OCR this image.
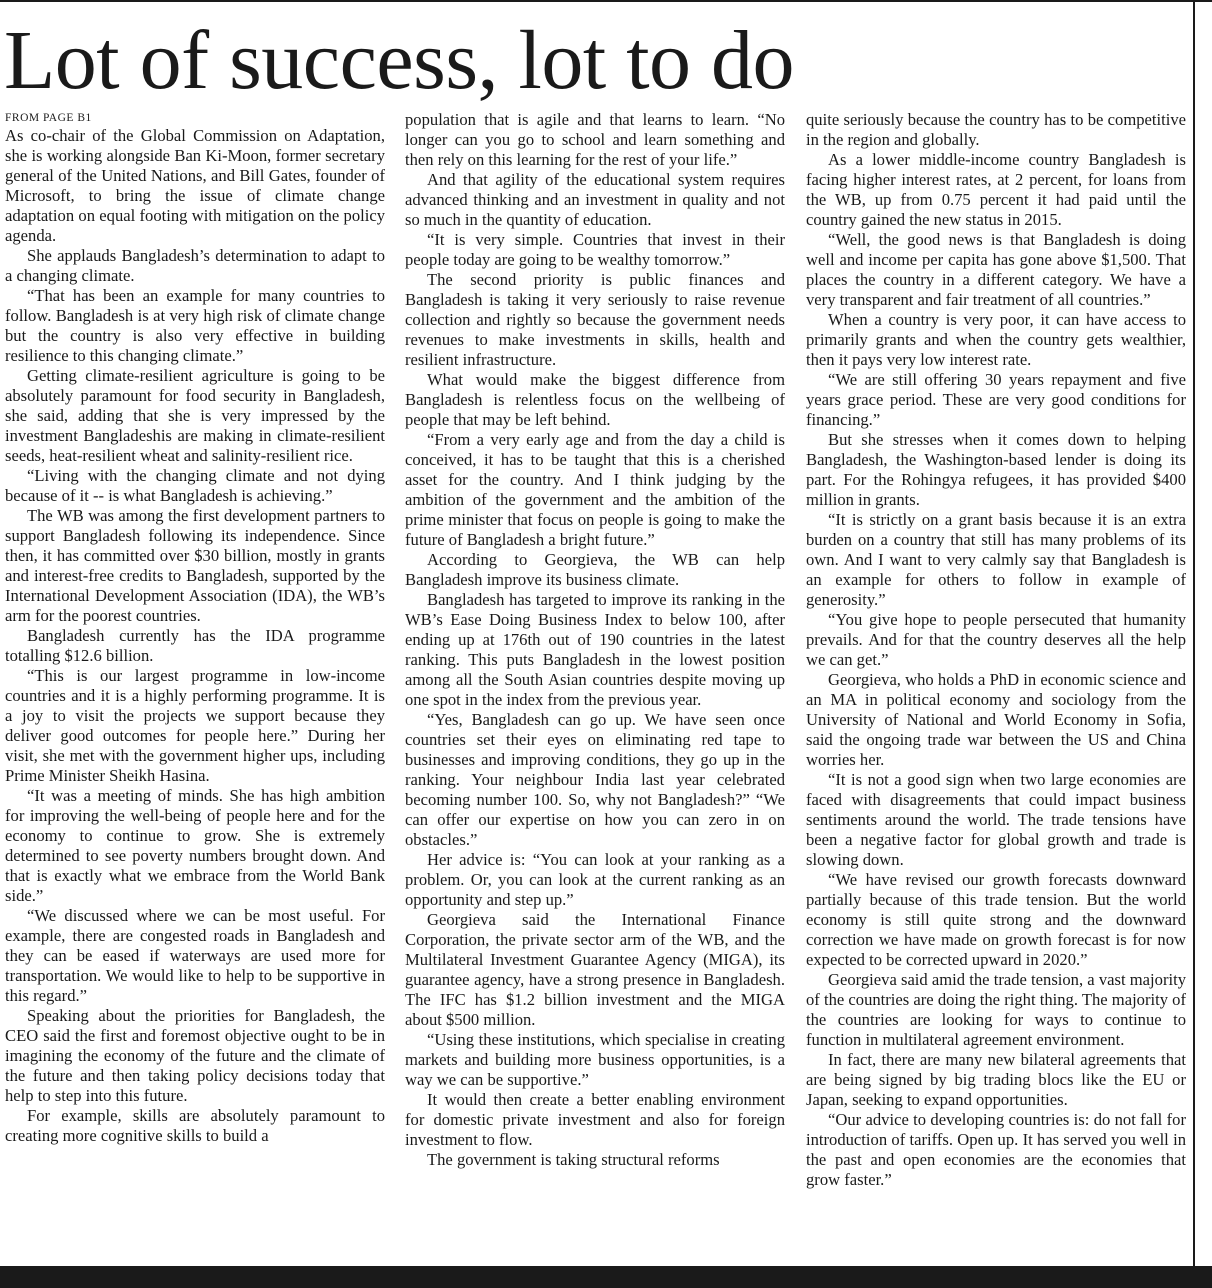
Lot of success, lot to do
FROM PAGE B1

As co-chair of the Global Commission on Adaptation, she is working alongside Ban Ki-Moon, former secretary general of the United Nations, and Bill Gates, founder of Microsoft, to bring the issue of climate change adaptation on equal footing with mitigation on the policy agenda.

She applauds Bangladesh’s determination to adapt to a changing climate.

“That has been an example for many countries to follow. Bangladesh is at very high risk of climate change but the country is also very effective in building resilience to this changing climate.”

Getting climate-resilient agriculture is going to be absolutely paramount for food security in Bangladesh, she said, adding that she is very impressed by the investment Bangladeshis are making in climate-resilient seeds, heat-resilient wheat and salinity-resilient rice.

“Living with the changing climate and not dying because of it -- is what Bangladesh is achieving.”

The WB was among the first development partners to support Bangladesh following its independence. Since then, it has committed over $30 billion, mostly in grants and interest-free credits to Bangladesh, supported by the International Development Association (IDA), the WB’s arm for the poorest countries.

Bangladesh currently has the IDA programme totalling $12.6 billion.

“This is our largest programme in low-income countries and it is a highly performing programme. It is a joy to visit the projects we support because they deliver good outcomes for people here.” During her visit, she met with the government higher ups, including Prime Minister Sheikh Hasina.

“It was a meeting of minds. She has high ambition for improving the well-being of people here and for the economy to continue to grow. She is extremely determined to see poverty numbers brought down. And that is exactly what we embrace from the World Bank side.”

“We discussed where we can be most useful. For example, there are congested roads in Bangladesh and they can be eased if waterways are used more for transportation. We would like to help to be supportive in this regard.”

Speaking about the priorities for Bangladesh, the CEO said the first and foremost objective ought to be in imagining the economy of the future and the climate of the future and then taking policy decisions today that help to step into this future.

For example, skills are absolutely paramount to creating more cognitive skills to build a

population that is agile and that learns to learn. “No longer can you go to school and learn something and then rely on this learning for the rest of your life.”

And that agility of the educational system requires advanced thinking and an investment in quality and not so much in the quantity of education.

“It is very simple. Countries that invest in their people today are going to be wealthy tomorrow.”

The second priority is public finances and Bangladesh is taking it very seriously to raise revenue collection and rightly so because the government needs revenues to make investments in skills, health and resilient infrastructure.

What would make the biggest difference from Bangladesh is relentless focus on the wellbeing of people that may be left behind.

“From a very early age and from the day a child is conceived, it has to be taught that this is a cherished asset for the country. And I think judging by the ambition of the government and the ambition of the prime minister that focus on people is going to make the future of Bangladesh a bright future.”

According to Georgieva, the WB can help Bangladesh improve its business climate.

Bangladesh has targeted to improve its ranking in the WB’s Ease Doing Business Index to below 100, after ending up at 176th out of 190 countries in the latest ranking. This puts Bangladesh in the lowest position among all the South Asian countries despite moving up one spot in the index from the previous year.

“Yes, Bangladesh can go up. We have seen once countries set their eyes on eliminating red tape to businesses and improving conditions, they go up in the ranking. Your neighbour India last year celebrated becoming number 100. So, why not Bangladesh?” “We can offer our expertise on how you can zero in on obstacles.”

Her advice is: “You can look at your ranking as a problem. Or, you can look at the current ranking as an opportunity and step up.”

Georgieva said the International Finance Corporation, the private sector arm of the WB, and the Multilateral Investment Guarantee Agency (MIGA), its guarantee agency, have a strong presence in Bangladesh. The IFC has $1.2 billion investment and the MIGA about $500 million.

“Using these institutions, which specialise in creating markets and building more business opportunities, is a way we can be supportive.”

It would then create a better enabling environment for domestic private investment and also for foreign investment to flow.

The government is taking structural reforms

quite seriously because the country has to be competitive in the region and globally.

As a lower middle-income country Bangladesh is facing higher interest rates, at 2 percent, for loans from the WB, up from 0.75 percent it had paid until the country gained the new status in 2015.

“Well, the good news is that Bangladesh is doing well and income per capita has gone above $1,500. That places the country in a different category. We have a very transparent and fair treatment of all countries.”

When a country is very poor, it can have access to primarily grants and when the country gets wealthier, then it pays very low interest rate.

“We are still offering 30 years repayment and five years grace period. These are very good conditions for financing.”

But she stresses when it comes down to helping Bangladesh, the Washington-based lender is doing its part. For the Rohingya refugees, it has provided $400 million in grants.

“It is strictly on a grant basis because it is an extra burden on a country that still has many problems of its own. And I want to very calmly say that Bangladesh is an example for others to follow in example of generosity.”

“You give hope to people persecuted that humanity prevails. And for that the country deserves all the help we can get.”

Georgieva, who holds a PhD in economic science and an MA in political economy and sociology from the University of National and World Economy in Sofia, said the ongoing trade war between the US and China worries her.

“It is not a good sign when two large economies are faced with disagreements that could impact business sentiments around the world. The trade tensions have been a negative factor for global growth and trade is slowing down.

“We have revised our growth forecasts downward partially because of this trade tension. But the world economy is still quite strong and the downward correction we have made on growth forecast is for now expected to be corrected upward in 2020.”

Georgieva said amid the trade tension, a vast majority of the countries are doing the right thing. The majority of the countries are looking for ways to continue to function in multilateral agreement environment.

In fact, there are many new bilateral agreements that are being signed by big trading blocs like the EU or Japan, seeking to expand opportunities.

“Our advice to developing countries is: do not fall for introduction of tariffs. Open up. It has served you well in the past and open economies are the economies that grow faster.”
